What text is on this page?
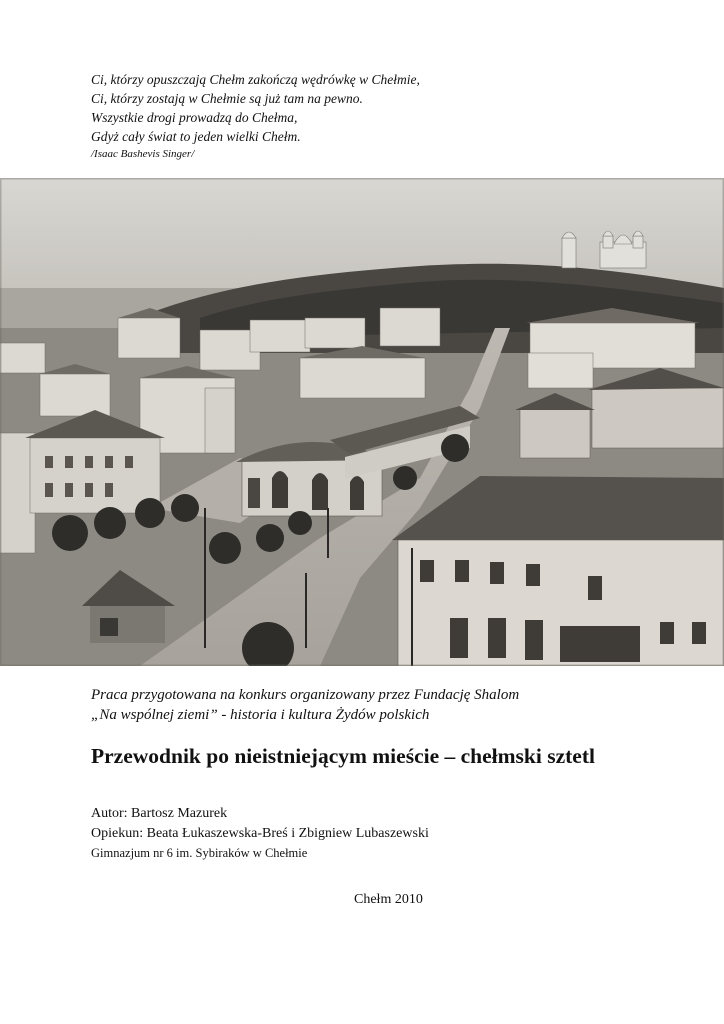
Ci, którzy opuszczają Chełm zakończą wędrówkę w Chełmie,
Ci, którzy zostają w Chełmie są już tam na pewno.
Wszystkie drogi prowadzą do Chełma,
Gdyż cały świat to jeden wielki Chełm.
/Isaac Bashevis Singer/
Praca przygotowana na konkurs organizowany przez Fundację Shalom
„Na wspólnej ziemi” - historia i kultura Żydów polskich
Przewodnik po nieistniejącym mieście – chełmski sztetl
Autor: Bartosz Mazurek
Opiekun: Beata Łukaszewska-Breś i Zbigniew Lubaszewski
Gimnazjum nr 6 im. Sybiraków w Chełmie
Chełm 2010
